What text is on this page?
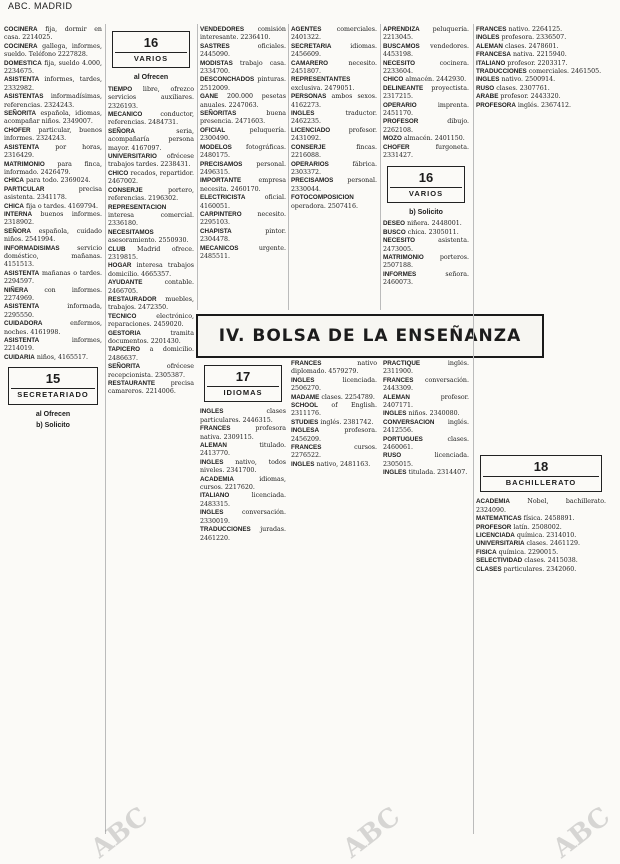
ABC. MADRID

COCINERA fija, dormir en casa. 2214025.

COCINERA gallega, informes, sueldo. Teléfono 2227828.

DOMESTICA fija, sueldo 4.000, 2234675.

ASISTENTA informes, tardes, 2332982.

ASISTENTAS informadísimas, referencias. 2324243.

SEÑORITA española, idiomas, acompañar niños. 2349007.

CHOFER particular, buenos informes. 2324243.

ASISTENTA	por horas, 2316429.

MATRIMONIO para finca, informado. 2426479.

CHICA para todo. 2369024.

PARTICULAR	precisa asistenta. 2341178.

CHICA fija o tardes. 4169794.

INTERNA buenos informes. 2318902.

SEÑORA española, cuidado niños. 2541994.

INFORMADISIMAS	servicio doméstico, mañanas. 4151513.

ASISTENTA mañanas o tardes. 2294597.

NIÑERA	con informes. 2274969.

ASISTENTA	informada, 2295550.

CUIDADORA	enfermos, noches. 4161998.

ASISTENTA	informes, 2214019.

CUIDARIA niños, 4165517.

15
SECRETARIADO
al Ofrecen
b) Solicito
16
VARIOS
al Ofrecen

TIEMPO libre, ofrezco servicios auxiliares. 2326193.

MECANICO	conductor, referencias. 2484731.

SEÑORA	seria, acompañaría persona mayor. 4167097.

UNIVERSITARIO ofrécese trabajos tardes. 2238431.

CHICO recados, repartidor. 2467002.

CONSERJE	portero, referencias. 2196302.

REPRESENTACION interesa comercial. 2336180.

NECESITAMOS asesoramiento. 2550930.

CLUB Madrid ofrece. 2319815.

HOGAR interesa trabajos domicilio. 4665357.

AYUDANTE	contable. 2466705.

RESTAURADOR muebles, trabajos. 2472350.

TECNICO	electrónico, reparaciones. 2459020.

GESTORIA	tramita documentos. 2201430.

TAPICERO a domicilio. 2486637.

SEÑORITA	ofrécese recepcionista. 2305387.

RESTAURANTE precisa camareros. 2214006.

VENDEDORES comisión interesante. 2236410.

SASTRES	oficiales. 2445090.

MODISTAS trabajo casa. 2334700.

DESCONCHADOS pinturas. 2512009.

GANE 200.000 pesetas anuales. 2247063.

SEÑORITAS	buena presencia. 2471603.

OFICIAL	peluquería. 2300490.

MODELOS fotográficas. 2480175.

PRECISAMOS personal. 2496315.

IMPORTANTE	empresa necesita. 2460170.

ELECTRICISTA	oficial. 4160051.

CARPINTERO	necesito. 2295103.

CHAPISTA	pintor. 2304478.

MECANICOS	urgente. 2485511.

AGENTES comerciales. 2401322.

SECRETARIA	idiomas. 2456609.

CAMARERO	necesito. 2451807.

REPRESENTANTES exclusiva. 2479051.

PERSONAS ambos sexos. 4162273.

INGLES	traductor. 2462235.

LICENCIADO	profesor. 2431092.

CONSERJE	fincas. 2216088.

OPERARIOS	fábrica. 2303372.

PRECISAMOS personal. 2330044.

FOTOCOMPOSICION operadora. 2507416.

APRENDIZA peluquería. 2213045.

BUSCAMOS vendedores. 4453198.

NECESITO	cocinera. 2233604.

CHICO almacén. 2442930.

DELINEANTE proyectista. 2317215.

OPERARIO	imprenta. 2451170.

PROFESOR	dibujo. 2262108.

MOZO almacén. 2401150.

CHOFER	furgoneta. 2331427.

16
VARIOS
b) Solicito

DESEO niñera. 2448001.

BUSCO chica. 2305011.

NECESITO	asistenta. 2473005.

MATRIMONIO	porteros. 2507188.

INFORMES	señora. 2460073.

FRANCES nativo. 2264125.

INGLES profesora. 2336507.

ALEMAN clases. 2478601.

FRANCESA nativa. 2215940.

ITALIANO profesor. 2203317.

TRADUCCIONES comerciales. 2461505.

INGLES nativo. 2500914.

RUSO clases. 2307761.

ARABE profesor. 2443320.

PROFESORA inglés. 2367412.

IV. BOLSA DE LA ENSEÑANZA
17
IDIOMAS

INGLES	clases particulares. 2446315.

FRANCES	profesora nativa. 2309115.

ALEMAN	titulado. 2413770.

INGLES nativo, todos niveles. 2341700.

ACADEMIA	idiomas, cursos. 2217620.

ITALIANO	licenciada. 2483315.

INGLES	conversación. 2330019.

TRADUCCIONES juradas. 2461220.

FRANCES	nativo diplomado. 4579279.

INGLES	licenciada. 2506270.

MADAME clases. 2254789.

SCHOOL of English. 2311176.

STUDIES inglés. 2381742.

INGLESA	profesora. 2456209.

FRANCES	cursos. 2276522.

INGLES nativo, 2481163.

PRACTIQUE	inglés. 2311900.

FRANCES conversación. 2443309.

ALEMAN	profesor. 2407171.

INGLES niños. 2340080.

CONVERSACION inglés. 2412556.

PORTUGUES	clases. 2460061.

RUSO	licenciada. 2305015.

INGLES titulada. 2314407.	18
BACHILLERATO

ACADEMIA	Nobel, bachillerato. 2324090.

MATEMATICAS física. 2458891.

PROFESOR latín. 2508002.

LICENCIADA química. 2314010.

UNIVERSITARIA clases. 2461129.

FISICA química. 2290015.

SELECTIVIDAD clases. 2415038.

CLASES particulares. 2342060.

ABC	ABC	ABC
